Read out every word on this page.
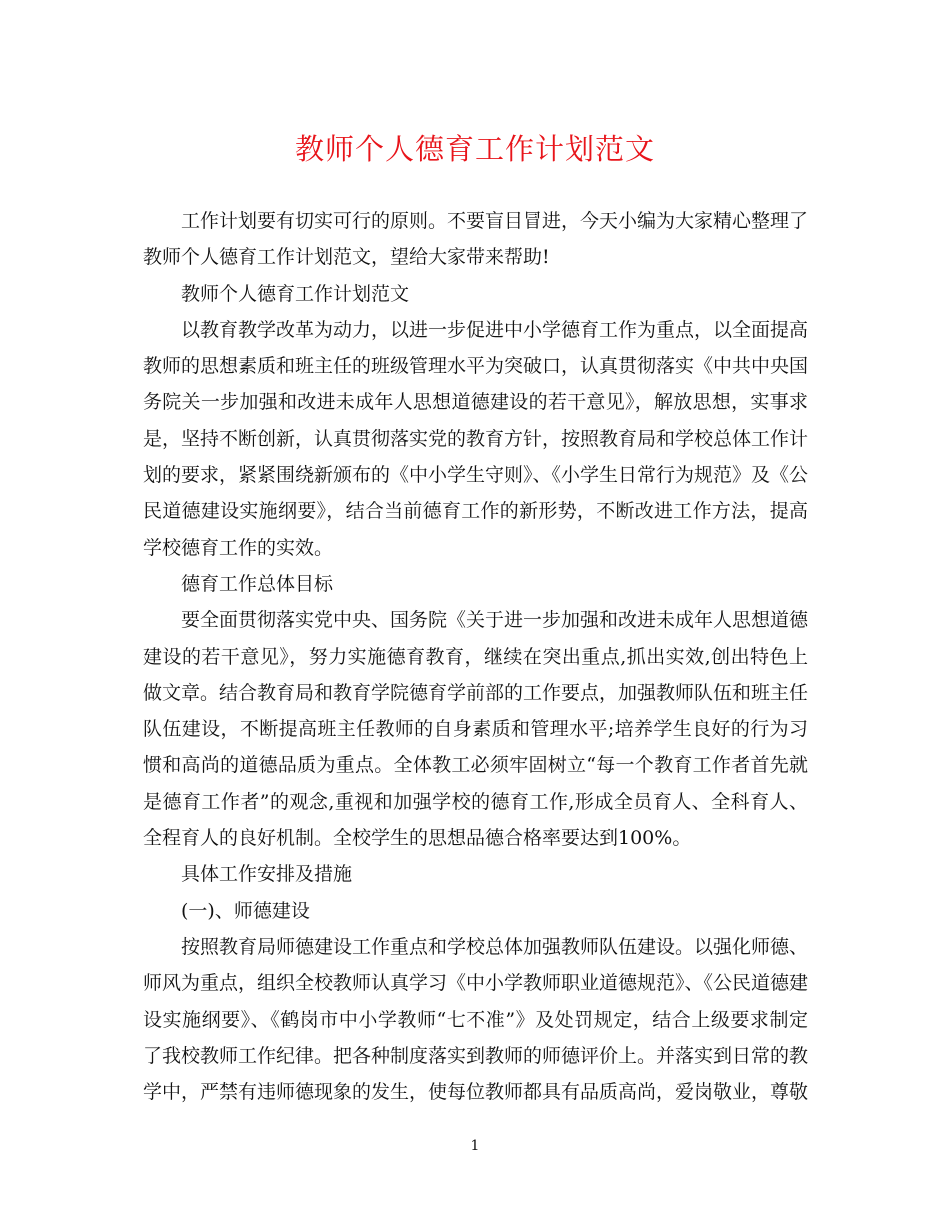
教师个人德育工作计划范文

工作计划要有切实可行的原则。不要盲目冒进，今天小编为大家精心整理了教师个人德育工作计划范文，望给大家带来帮助!

教师个人德育工作计划范文

以教育教学改革为动力，以进一步促进中小学德育工作为重点，以全面提高教师的思想素质和班主任的班级管理水平为突破口，认真贯彻落实《中共中央国务院关一步加强和改进未成年人思想道德建设的若干意见》，解放思想，实事求是，坚持不断创新，认真贯彻落实党的教育方针，按照教育局和学校总体工作计划的要求，紧紧围绕新颁布的《中小学生守则》、《小学生日常行为规范》及《公民道德建设实施纲要》，结合当前德育工作的新形势，不断改进工作方法，提高学校德育工作的实效。

德育工作总体目标

要全面贯彻落实党中央、国务院《关于进一步加强和改进未成年人思想道德建设的若干意见》，努力实施德育教育，继续在突出重点,抓出实效,创出特色上做文章。结合教育局和教育学院德育学前部的工作要点，加强教师队伍和班主任队伍建设，不断提高班主任教师的自身素质和管理水平;培养学生良好的行为习惯和高尚的道德品质为重点。全体教工必须牢固树立“每一个教育工作者首先就是德育工作者”的观念,重视和加强学校的德育工作,形成全员育人、全科育人、全程育人的良好机制。全校学生的思想品德合格率要达到100%。

具体工作安排及措施

(一)、师德建设

按照教育局师德建设工作重点和学校总体加强教师队伍建设。以强化师德、师风为重点，组织全校教师认真学习《中小学教师职业道德规范》、《公民道德建设实施纲要》、《鹤岗市中小学教师“七不准”》及处罚规定，结合上级要求制定了我校教师工作纪律。把各种制度落实到教师的师德评价上。并落实到日常的教学中，严禁有违师德现象的发生，使每位教师都具有品质高尚，爱岗敬业，尊敬

1
